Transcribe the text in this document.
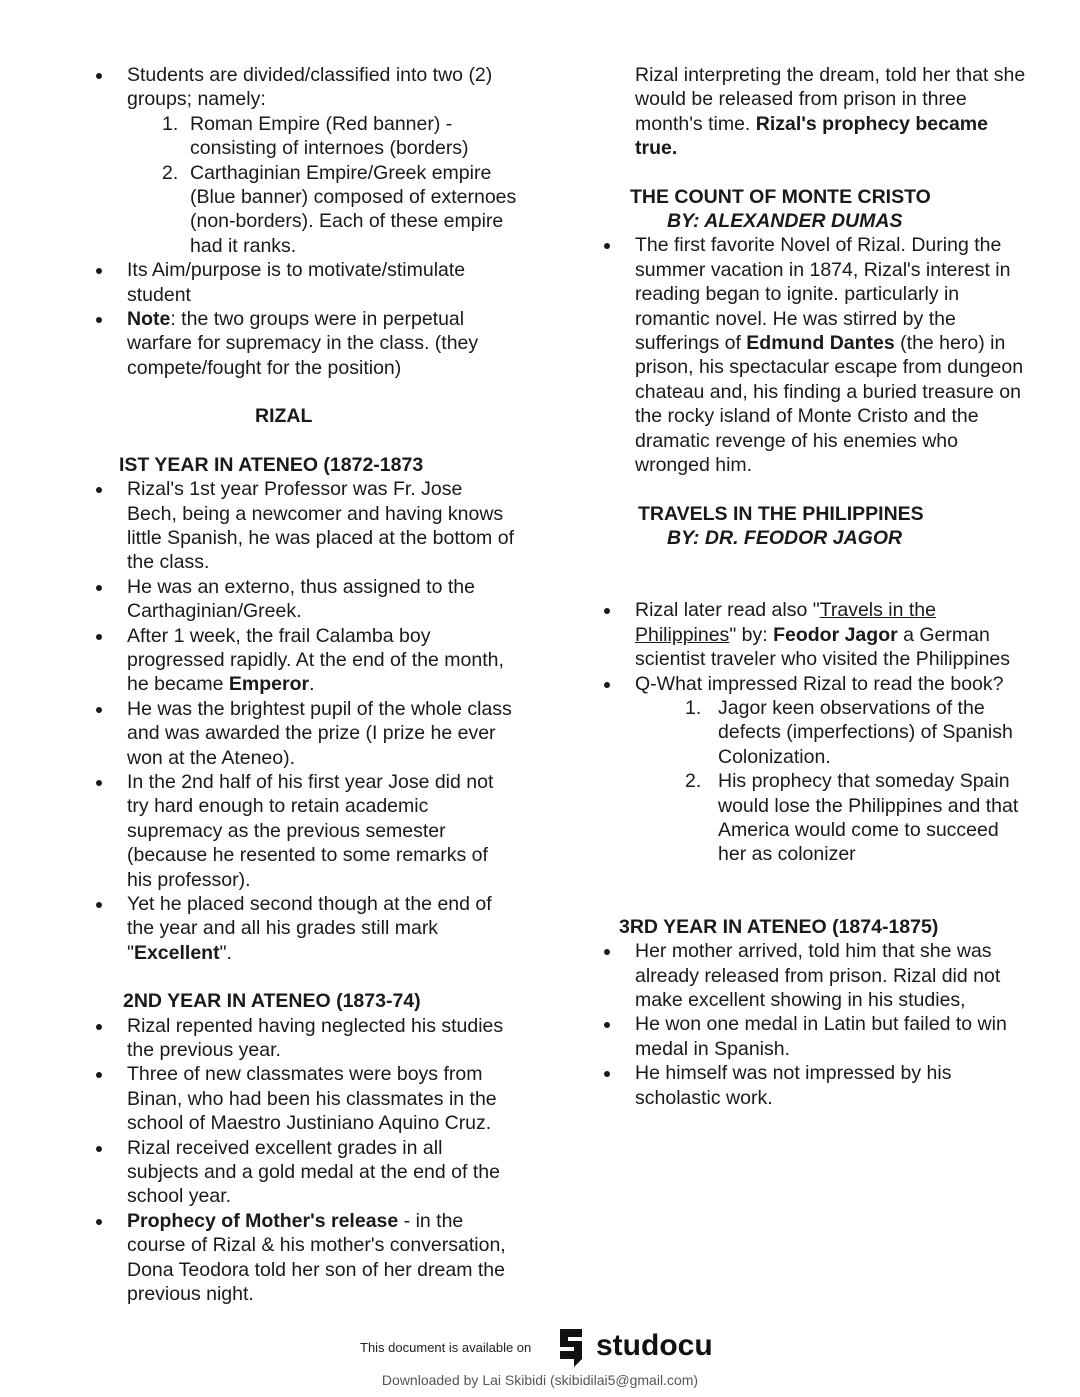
Students are divided/classified into two (2) groups; namely:
1. Roman Empire (Red banner) - consisting of internoes (borders)
2. Carthaginian Empire/Greek empire (Blue banner) composed of externoes (non-borders). Each of these empire had it ranks.
Its Aim/purpose is to motivate/stimulate student
Note: the two groups were in perpetual warfare for supremacy in the class. (they compete/fought for the position)
RIZAL
IST YEAR IN ATENEO (1872-1873
Rizal's 1st year Professor was Fr. Jose Bech, being a newcomer and having knows little Spanish, he was placed at the bottom of the class.
He was an externo, thus assigned to the Carthaginian/Greek.
After 1 week, the frail Calamba boy progressed rapidly. At the end of the month, he became Emperor.
He was the brightest pupil of the whole class and was awarded the prize (I prize he ever won at the Ateneo).
In the 2nd half of his first year Jose did not try hard enough to retain academic supremacy as the previous semester (because he resented to some remarks of his professor).
Yet he placed second though at the end of the year and all his grades still mark "Excellent".
2ND YEAR IN ATENEO (1873-74)
Rizal repented having neglected his studies the previous year.
Three of new classmates were boys from Binan, who had been his classmates in the school of Maestro Justiniano Aquino Cruz.
Rizal received excellent grades in all subjects and a gold medal at the end of the school year.
Prophecy of Mother's release - in the course of Rizal & his mother's conversation, Dona Teodora told her son of her dream the previous night.
Rizal interpreting the dream, told her that she would be released from prison in three month's time. Rizal's prophecy became true.
THE COUNT OF MONTE CRISTO
BY: ALEXANDER DUMAS
The first favorite Novel of Rizal. During the summer vacation in 1874, Rizal's interest in reading began to ignite. particularly in romantic novel. He was stirred by the sufferings of Edmund Dantes (the hero) in prison, his spectacular escape from dungeon chateau and, his finding a buried treasure on the rocky island of Monte Cristo and the dramatic revenge of his enemies who wronged him.
TRAVELS IN THE PHILIPPINES
BY: DR. FEODOR JAGOR
Rizal later read also "Travels in the Philippines" by: Feodor Jagor a German scientist traveler who visited the Philippines
Q-What impressed Rizal to read the book?
1. Jagor keen observations of the defects (imperfections) of Spanish Colonization.
2. His prophecy that someday Spain would lose the Philippines and that America would come to succeed her as colonizer
3RD YEAR IN ATENEO (1874-1875)
Her mother arrived, told him that she was already released from prison. Rizal did not make excellent showing in his studies,
He won one medal in Latin but failed to win medal in Spanish.
He himself was not impressed by his scholastic work.
This document is available on studocu
Downloaded by Lai Skibidi (skibidilai5@gmail.com)
